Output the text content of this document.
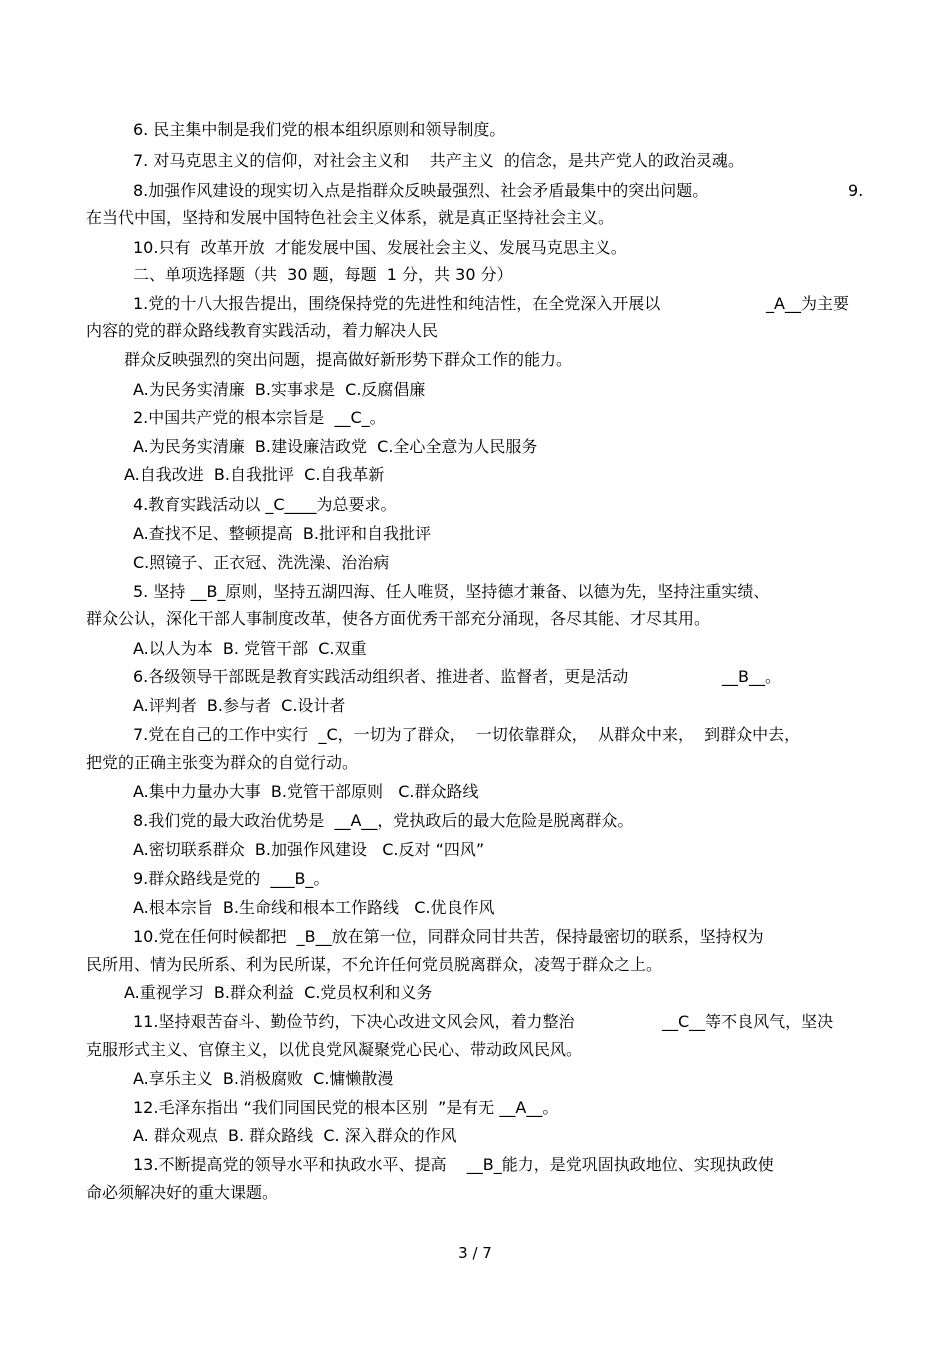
6. 民主集中制是我们党的根本组织原则和领导制度。
7. 对马克思主义的信仰，对社会主义和    共产主义  的信念，是共产党人的政治灵魂。
8.加强作风建设的现实切入点是指群众反映最强烈、社会矛盾最集中的突出问题。	9.
在当代中国，坚持和发展中国特色社会主义体系，就是真正坚持社会主义。
10.只有  改革开放  才能发展中国、发展社会主义、发展马克思主义。
二、单项选择题（共  30 题，每题  1 分，共 30 分）
1.党的十八大报告提出，围绕保持党的先进性和纯洁性，在全党深入开展以	_A__为主要
内容的党的群众路线教育实践活动，着力解决人民
群众反映强烈的突出问题，提高做好新形势下群众工作的能力。
A.为民务实清廉  B.实事求是  C.反腐倡廉
2.中国共产党的根本宗旨是  __C_。
A.为民务实清廉  B.建设廉洁政党  C.全心全意为人民服务
A.自我改进  B.自我批评  C.自我革新
4.教育实践活动以 _C____为总要求。
A.查找不足、整顿提高  B.批评和自我批评
C.照镜子、正衣冠、洗洗澡、治治病
5. 坚持 __B_原则，坚持五湖四海、任人唯贤，坚持德才兼备、以德为先，坚持注重实绩、
群众公认，深化干部人事制度改革，使各方面优秀干部充分涌现，各尽其能、才尽其用。
A.以人为本  B. 党管干部  C.双重
6.各级领导干部既是教育实践活动组织者、推进者、监督者，更是活动	__B__。
A.评判者  B.参与者  C.设计者
7.党在自己的工作中实行  _C，一切为了群众，  一切依靠群众，  从群众中来，  到群众中去，
把党的正确主张变为群众的自觉行动。
A.集中力量办大事  B.党管干部原则   C.群众路线
8.我们党的最大政治优势是  __A__，党执政后的最大危险是脱离群众。
A.密切联系群众  B.加强作风建设   C.反对 “四风”
9.群众路线是党的  ___B_。
A.根本宗旨  B.生命线和根本工作路线   C.优良作风
10.党在任何时候都把  _B__放在第一位，同群众同甘共苦，保持最密切的联系，坚持权为
民所用、情为民所系、利为民所谋，不允许任何党员脱离群众，凌驾于群众之上。
A.重视学习  B.群众利益  C.党员权利和义务
11.坚持艰苦奋斗、勤俭节约，下决心改进文风会风，着力整治	__C__等不良风气，坚决
克服形式主义、官僚主义，以优良党风凝聚党心民心、带动政风民风。
A.享乐主义  B.消极腐败  C.慵懒散漫
12.毛泽东指出 “我们同国民党的根本区别  ”是有无 __A__。
A. 群众观点  B. 群众路线  C. 深入群众的作风
13.不断提高党的领导水平和执政水平、提高    __B_能力，是党巩固执政地位、实现执政使
命必须解决好的重大课题。
3 / 7
